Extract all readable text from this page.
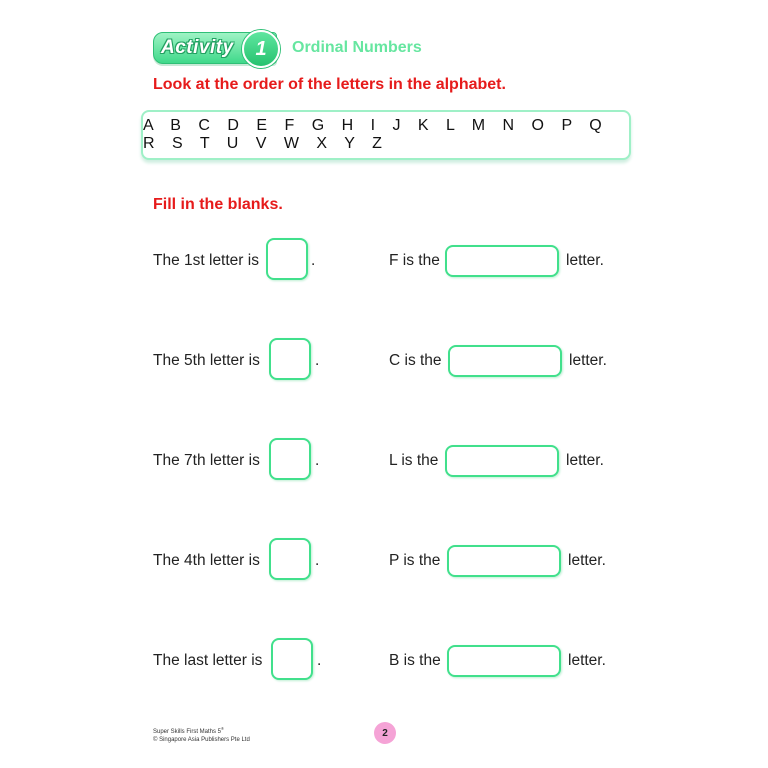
Activity	1	Ordinal Numbers
Look at the order of the letters in the alphabet.
A B C D E F G H I J K L M N O P Q R S T U V W X Y Z
Fill in the blanks.
The 1st letter is	.	F is the	letter.
The 5th letter is	.	C is the	letter.
The 7th letter is	.	L is the	letter.
The 4th letter is	.	P is the	letter.
The last letter is	.	B is the	letter.
Super Skills First Maths 5®
© Singapore Asia Publishers Pte Ltd
2
